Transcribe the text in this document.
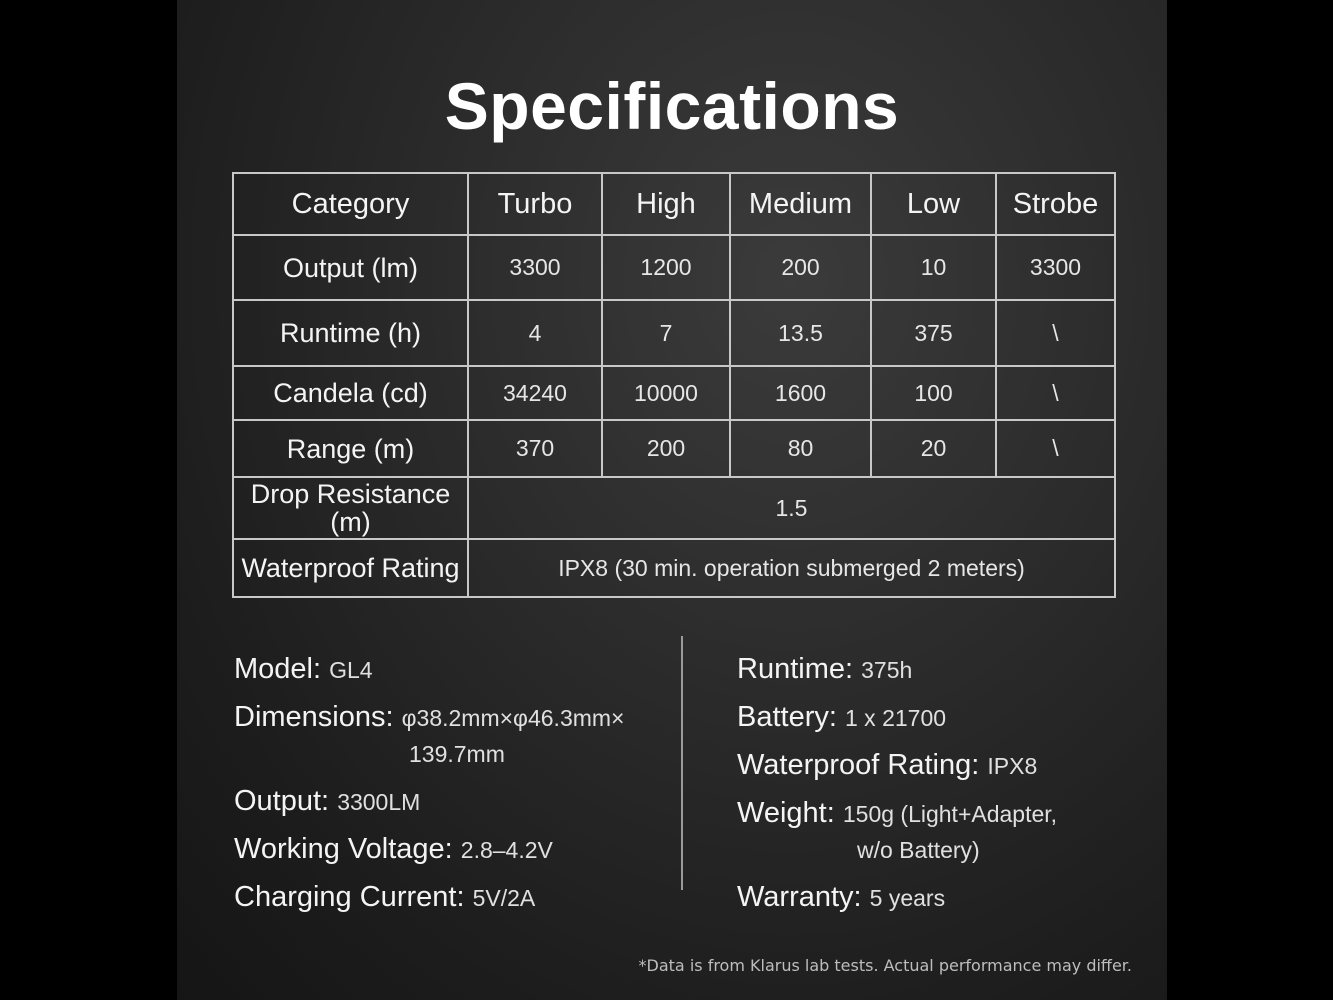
Specifications
Category	Turbo	High	Medium	Low	Strobe
Output (lm)	3300	1200	200	10	3300
Runtime (h)	4	7	13.5	375	\
Candela (cd)	34240	10000	1600	100	\
Range (m)	370	200	80	20	\
Drop Resistance (m)	1.5				
Waterproof Rating	IPX8 (30 min. operation submerged 2 meters)				
Model: GL4
Dimensions: φ38.2mm×φ46.3mm×
139.7mm
Output: 3300LM
Working Voltage: 2.8–4.2V
Charging Current: 5V/2A
Runtime: 375h
Battery: 1 x 21700
Waterproof Rating: IPX8
Weight: 150g (Light+Adapter,
w/o Battery)
Warranty: 5 years
*Data is from Klarus lab tests. Actual performance may differ.
